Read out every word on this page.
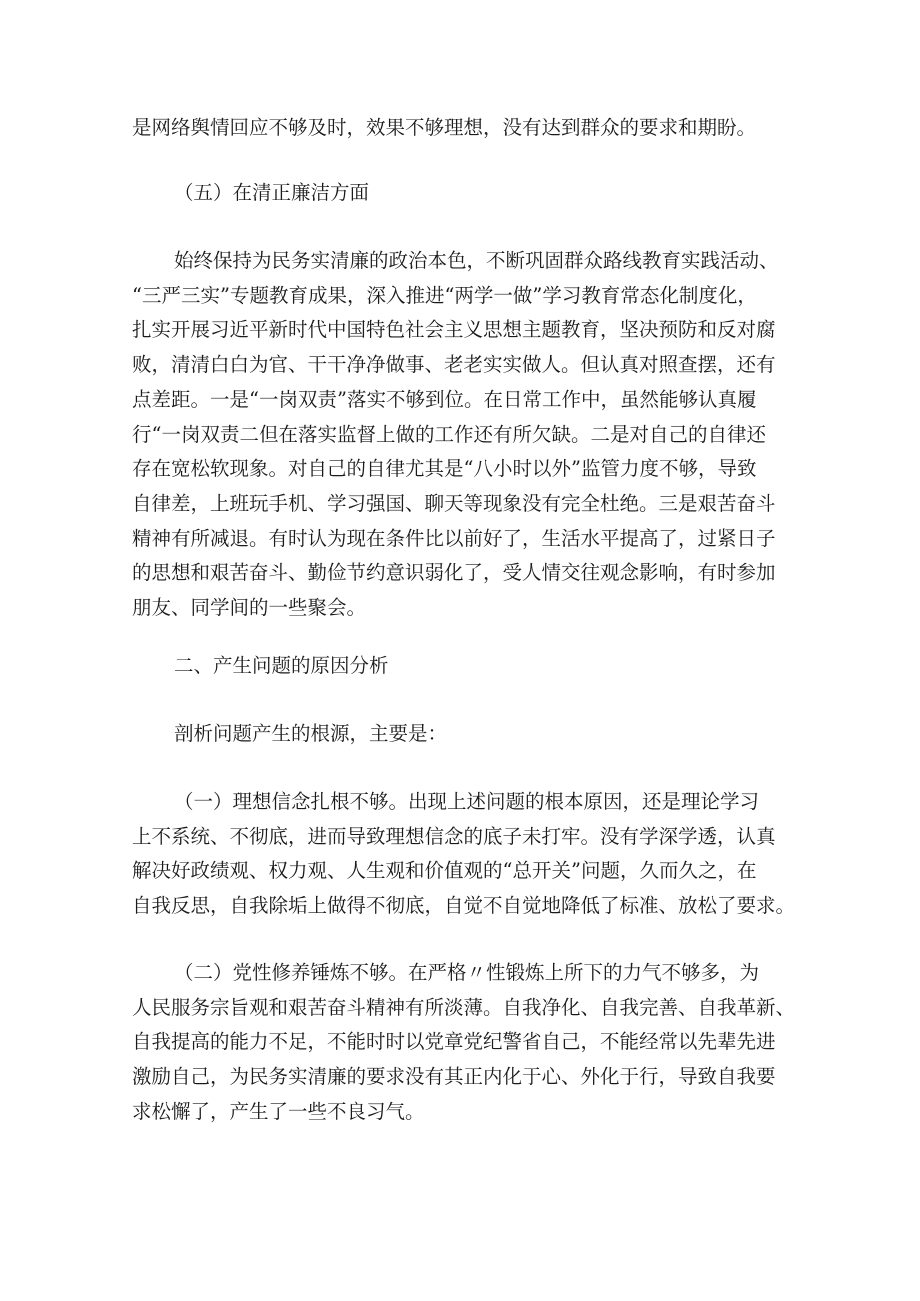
是网络舆情回应不够及时，效果不够理想，没有达到群众的要求和期盼。
（五）在清正廉洁方面
始终保持为民务实清廉的政治本色，不断巩固群众路线教育实践活动、
“三严三实”专题教育成果，深入推进“两学一做”学习教育常态化制度化，
扎实开展习近平新时代中国特色社会主义思想主题教育，坚决预防和反对腐
败，清清白白为官、干干净净做事、老老实实做人。但认真对照查摆，还有
点差距。一是“一岗双责”落实不够到位。在日常工作中，虽然能够认真履
行“一岗双责二但在落实监督上做的工作还有所欠缺。二是对自己的自律还
存在宽松软现象。对自己的自律尤其是“八小时以外”监管力度不够，导致
自律差，上班玩手机、学习强国、聊天等现象没有完全杜绝。三是艰苦奋斗
精神有所减退。有时认为现在条件比以前好了，生活水平提高了，过紧日子
的思想和艰苦奋斗、勤俭节约意识弱化了，受人情交往观念影响，有时参加
朋友、同学间的一些聚会。
二、产生问题的原因分析
剖析问题产生的根源，主要是：
（一）理想信念扎根不够。出现上述问题的根本原因，还是理论学习
上不系统、不彻底，进而导致理想信念的底子未打牢。没有学深学透，认真
解决好政绩观、权力观、人生观和价值观的“总开关”问题，久而久之，在
自我反思，自我除垢上做得不彻底，自觉不自觉地降低了标准、放松了要求。
（二）党性修养锤炼不够。在严格〃性锻炼上所下的力气不够多，为
人民服务宗旨观和艰苦奋斗精神有所淡薄。自我净化、自我完善、自我革新、
自我提高的能力不足，不能时时以党章党纪警省自己，不能经常以先辈先进
激励自己，为民务实清廉的要求没有其正内化于心、外化于行，导致自我要
求松懈了，产生了一些不良习气。
